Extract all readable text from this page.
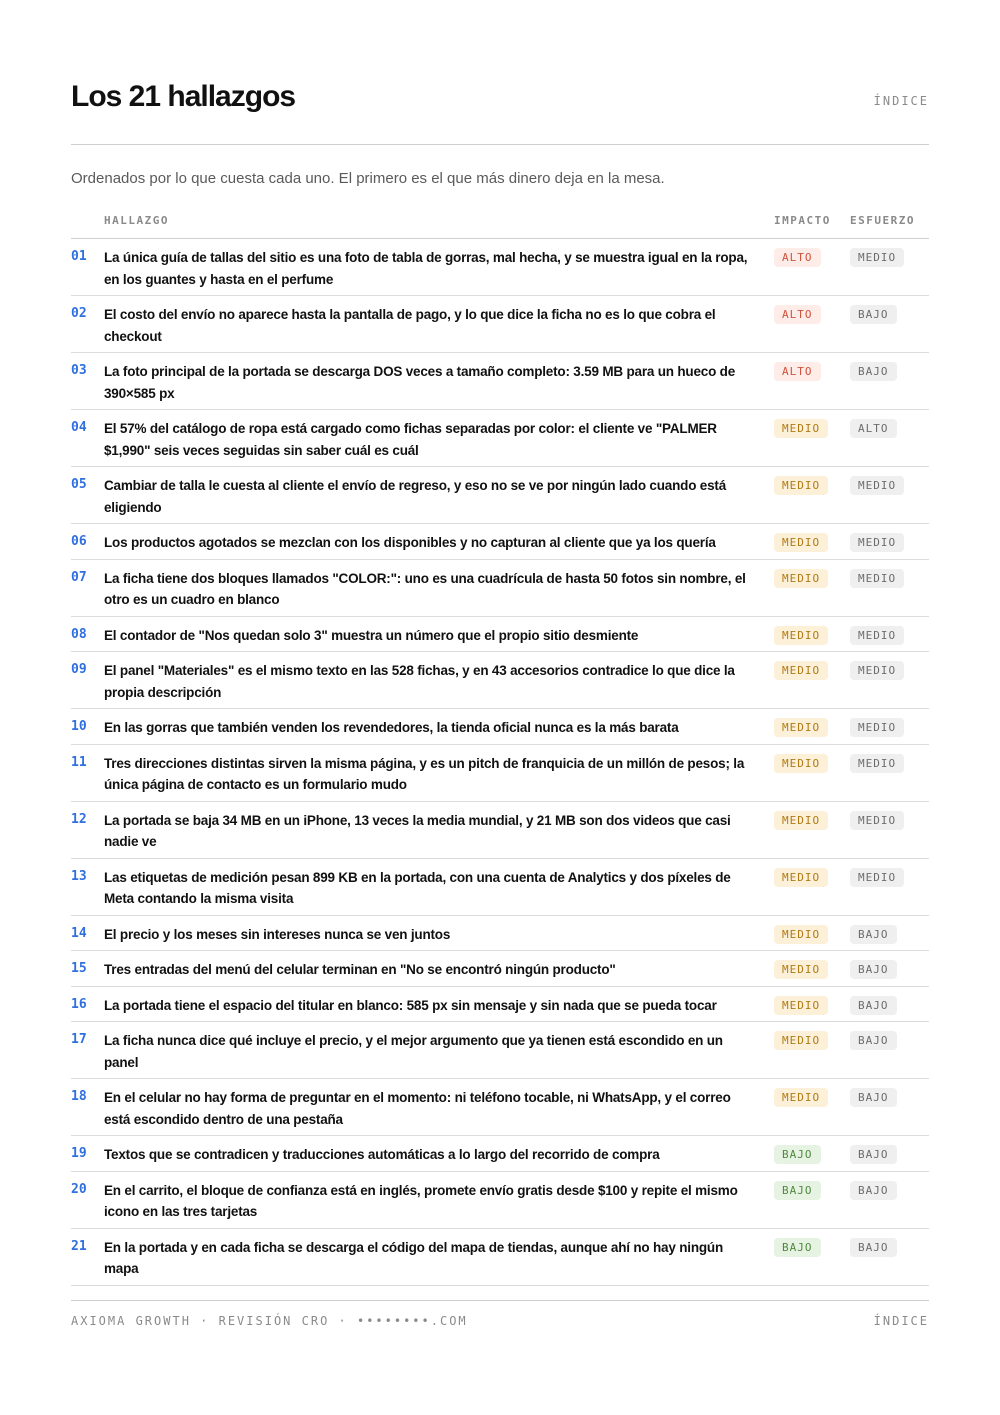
Los 21 hallazgos	ÍNDICE

Ordenados por lo que cuesta cada uno. El primero es el que más dinero deja en la mesa.

HALLAZGO	IMPACTO ESFUERZO
01 La única guía de tallas del sitio es una foto de tabla de gorras, mal hecha, y se muestra igual en la ropa, en los guantes y hasta en el perfume
ALTO	MEDIO
02 El costo del envío no aparece hasta la pantalla de pago, y lo que dice la ficha no es lo que cobra el checkout
ALTO	BAJO
03 La foto principal de la portada se descarga DOS veces a tamaño completo: 3.59 MB para un hueco de 390×585 px
ALTO	BAJO
04 El 57% del catálogo de ropa está cargado como fichas separadas por color: el cliente ve "PALMER $1,990" seis veces seguidas sin saber cuál es cuál
MEDIO	ALTO
05 Cambiar de talla le cuesta al cliente el envío de regreso, y eso no se ve por ningún lado cuando está eligiendo
MEDIO	MEDIO
06 Los productos agotados se mezclan con los disponibles y no capturan al cliente que ya los quería	MEDIO	MEDIO
07 La ficha tiene dos bloques llamados "COLOR:": uno es una cuadrícula de hasta 50 fotos sin nombre, el otro es un cuadro en blanco
MEDIO	MEDIO
08 El contador de "Nos quedan solo 3" muestra un número que el propio sitio desmiente	MEDIO	MEDIO
09 El panel "Materiales" es el mismo texto en las 528 fichas, y en 43 accesorios contradice lo que dice la propia descripción
MEDIO	MEDIO
10 En las gorras que también venden los revendedores, la tienda oficial nunca es la más barata	MEDIO	MEDIO
11 Tres direcciones distintas sirven la misma página, y es un pitch de franquicia de un millón de pesos; la única página de contacto es un formulario mudo
MEDIO	MEDIO
12 La portada se baja 34 MB en un iPhone, 13 veces la media mundial, y 21 MB son dos videos que casi nadie ve
MEDIO	MEDIO
13 Las etiquetas de medición pesan 899 KB en la portada, con una cuenta de Analytics y dos píxeles de Meta contando la misma visita
MEDIO	MEDIO
14 El precio y los meses sin intereses nunca se ven juntos	MEDIO	BAJO
15 Tres entradas del menú del celular terminan en "No se encontró ningún producto"	MEDIO	BAJO
16 La portada tiene el espacio del titular en blanco: 585 px sin mensaje y sin nada que se pueda tocar	MEDIO	BAJO
17 La ficha nunca dice qué incluye el precio, y el mejor argumento que ya tienen está escondido en un panel
MEDIO	BAJO
18 En el celular no hay forma de preguntar en el momento: ni teléfono tocable, ni WhatsApp, y el correo está escondido dentro de una pestaña
MEDIO	BAJO
19 Textos que se contradicen y traducciones automáticas a lo largo del recorrido de compra	BAJO	BAJO
20 En el carrito, el bloque de confianza está en inglés, promete envío gratis desde $100 y repite el mismo icono en las tres tarjetas
BAJO	BAJO
21 En la portada y en cada ficha se descarga el código del mapa de tiendas, aunque ahí no hay ningún mapa
BAJO	BAJO
AXIOMA GROWTH · REVISIÓN CRO · ••••••••.COM	ÍNDICE
